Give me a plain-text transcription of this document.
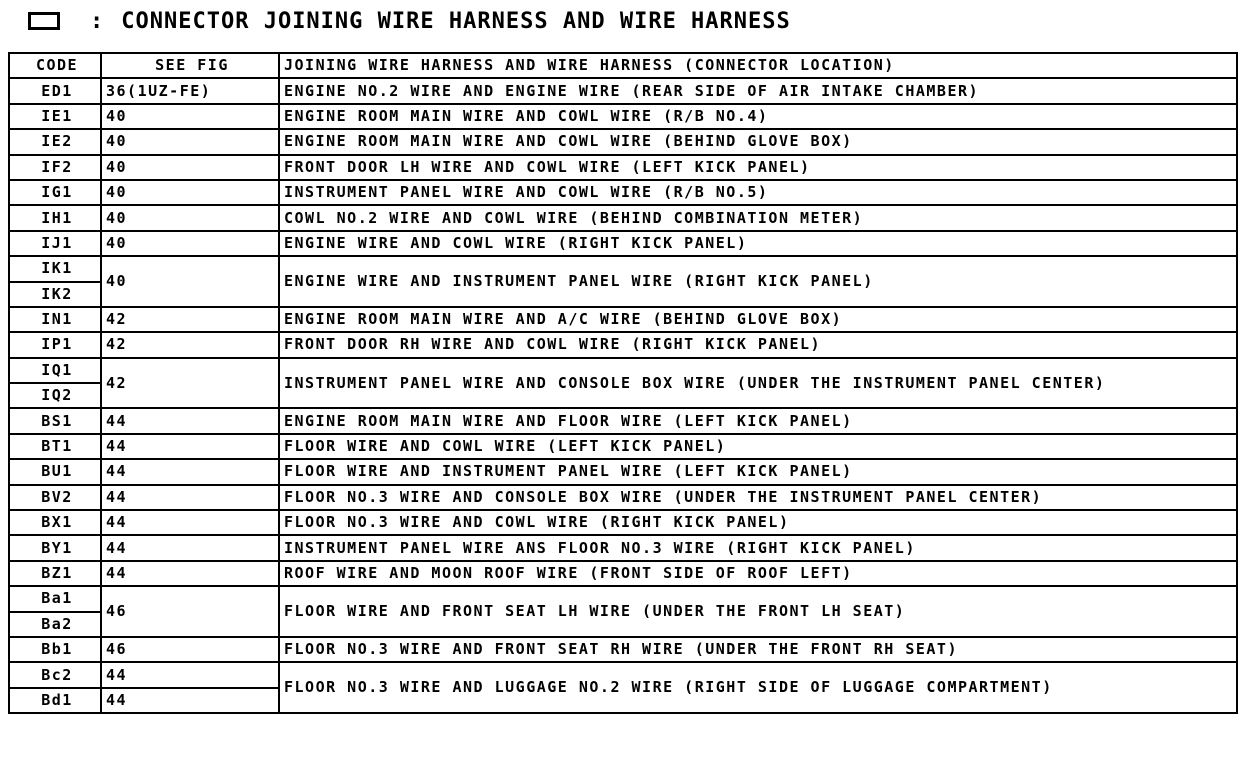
: CONNECTOR JOINING WIRE HARNESS AND WIRE HARNESS
CODE	SEE FIG	JOINING WIRE HARNESS AND WIRE HARNESS (CONNECTOR LOCATION)
ED1	36(1UZ-FE)	ENGINE NO.2 WIRE AND ENGINE WIRE (REAR SIDE OF AIR INTAKE CHAMBER)
IE1	40	ENGINE ROOM MAIN WIRE AND COWL WIRE (R/B NO.4)
IE2	40	ENGINE ROOM MAIN WIRE AND COWL WIRE (BEHIND GLOVE BOX)
IF2	40	FRONT DOOR LH WIRE AND COWL WIRE (LEFT KICK PANEL)
IG1	40	INSTRUMENT PANEL WIRE AND COWL WIRE (R/B NO.5)
IH1	40	COWL NO.2 WIRE AND COWL WIRE (BEHIND COMBINATION METER)
IJ1	40	ENGINE WIRE AND COWL WIRE (RIGHT KICK PANEL)
IK1	40	ENGINE WIRE AND INSTRUMENT PANEL WIRE (RIGHT KICK PANEL)
IK2		
IN1	42	ENGINE ROOM MAIN WIRE AND A/C WIRE (BEHIND GLOVE BOX)
IP1	42	FRONT DOOR RH WIRE AND COWL WIRE (RIGHT KICK PANEL)
IQ1	42	INSTRUMENT PANEL WIRE AND CONSOLE BOX WIRE (UNDER THE INSTRUMENT PANEL CENTER)
IQ2		
BS1	44	ENGINE ROOM MAIN WIRE AND FLOOR WIRE (LEFT KICK PANEL)
BT1	44	FLOOR WIRE AND COWL WIRE (LEFT KICK PANEL)
BU1	44	FLOOR WIRE AND INSTRUMENT PANEL WIRE (LEFT KICK PANEL)
BV2	44	FLOOR NO.3 WIRE AND CONSOLE BOX WIRE (UNDER THE INSTRUMENT PANEL CENTER)
BX1	44	FLOOR NO.3 WIRE AND COWL WIRE (RIGHT KICK PANEL)
BY1	44	INSTRUMENT PANEL WIRE ANS FLOOR NO.3 WIRE (RIGHT KICK PANEL)
BZ1	44	ROOF WIRE AND MOON ROOF WIRE (FRONT SIDE OF ROOF LEFT)
Ba1	46	FLOOR WIRE AND FRONT SEAT LH WIRE (UNDER THE FRONT LH SEAT)
Ba2		
Bb1	46	FLOOR NO.3 WIRE AND FRONT SEAT RH WIRE (UNDER THE FRONT RH SEAT)
Bc2	44	FLOOR NO.3 WIRE AND LUGGAGE NO.2 WIRE (RIGHT SIDE OF LUGGAGE COMPARTMENT)
Bd1	44	
